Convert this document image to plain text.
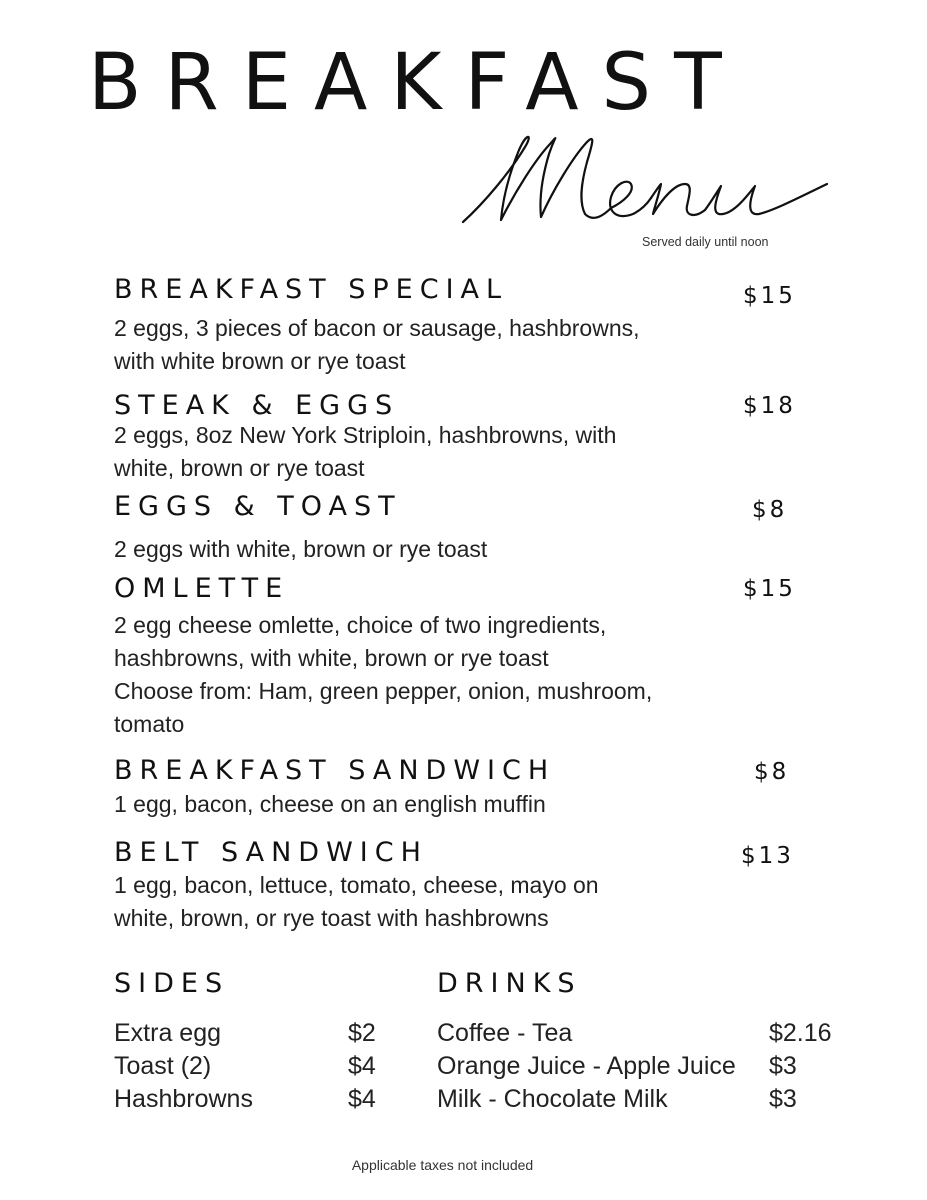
BREAKFAST
Served daily until noon
BREAKFAST SPECIAL	$15
2 eggs, 3 pieces of bacon or sausage, hashbrowns,
with white brown or rye toast
STEAK & EGGS	$18
2 eggs, 8oz New York Striploin, hashbrowns, with
white, brown or rye toast
EGGS & TOAST	$8
2 eggs with white, brown or rye toast
OMLETTE	$15
2 egg cheese omlette, choice of two ingredients,
hashbrowns, with white, brown or rye toast
Choose from: Ham, green pepper, onion, mushroom,
tomato
BREAKFAST SANDWICH	$8
1 egg, bacon, cheese on an english muffin
BELT SANDWICH	$13
1 egg, bacon, lettuce, tomato, cheese, mayo on
white, brown, or rye toast with hashbrowns
SIDES
Extra egg	$2
Toast (2)	$4
Hashbrowns	$4
DRINKS
Coffee - Tea	$2.16
Orange Juice - Apple Juice $3
Milk - Chocolate Milk	$3
Applicable taxes not included
